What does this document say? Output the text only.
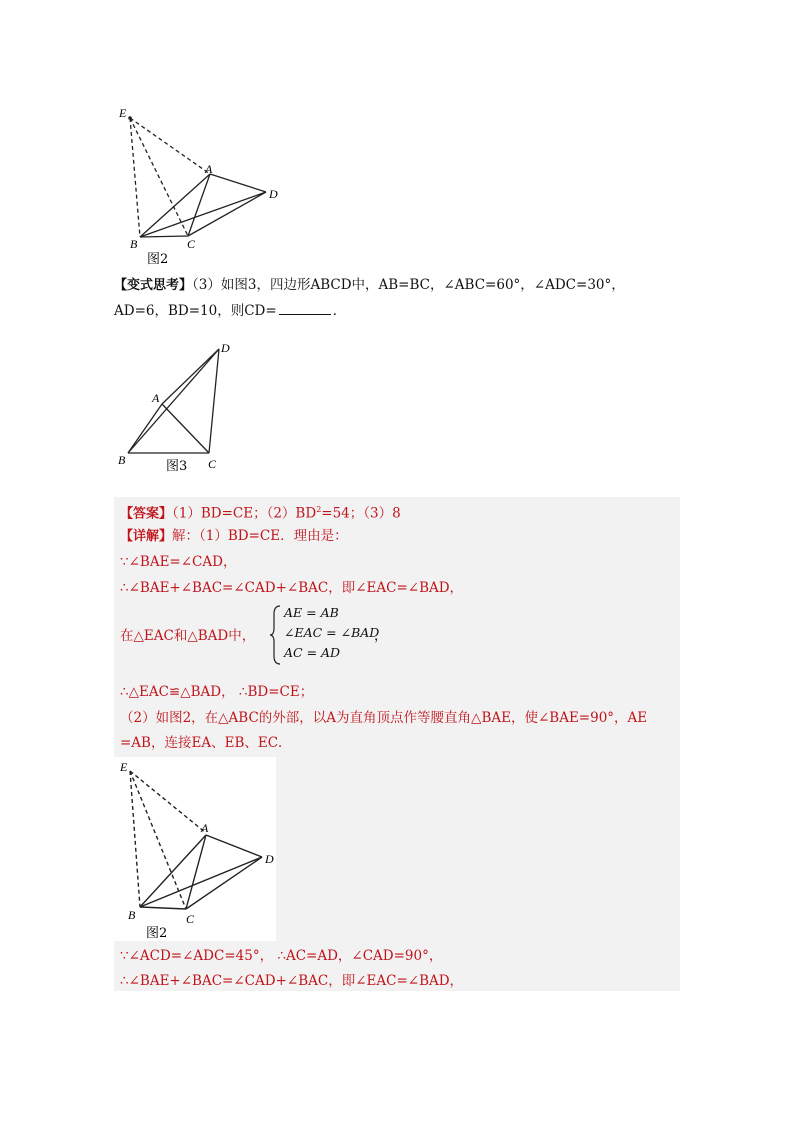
E
A
D
B	C
图2
【变式思考】（3）如图3，四边形ABCD中，AB=BC，∠ABC=60°，∠ADC=30°，
AD=6，BD=10，则CD=	．
D
A
B	C
图3
【答案】（1）BD=CE；$(2)BD^2=54$；（3）8
【详解】解：（1）BD=CE．理由是：
∵∠BAE=∠CAD，
∴∠BAE+∠BAC=∠CAD+∠BAC，即∠EAC=∠BAD，
在△EAC和△BAD中，
AE = AB
∠EAC = ∠BAD
AC = AD
，
∴△EAC≌△BAD， ∴BD=CE；
（2）如图2，在△ABC的外部，以A为直角顶点作等腰直角△BAE，使∠BAE=90°，AE
=AB，连接EA、EB、EC．
E
A
D
B	C
图2
∵∠ACD=∠ADC=45°， ∴AC=AD，∠CAD=90°，
∴∠BAE+∠BAC=∠CAD+∠BAC，即∠EAC=∠BAD，
